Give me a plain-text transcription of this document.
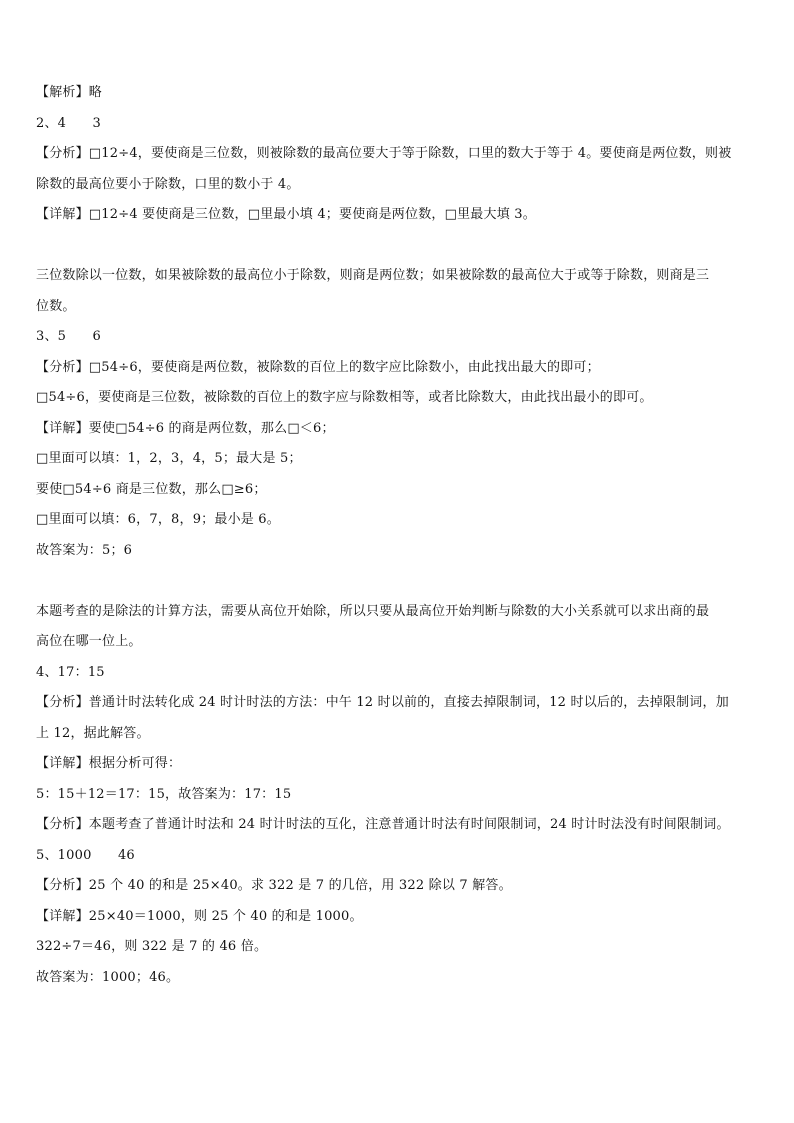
【解析】略
2、4　　3
【分析】□12÷4，要使商是三位数，则被除数的最高位要大于等于除数，口里的数大于等于 4。要使商是两位数，则被
除数的最高位要小于除数，口里的数小于 4。
【详解】□12÷4 要使商是三位数，□里最小填 4；要使商是两位数，□里最大填 3。
三位数除以一位数，如果被除数的最高位小于除数，则商是两位数；如果被除数的最高位大于或等于除数，则商是三
位数。
3、5　　6
【分析】□54÷6，要使商是两位数，被除数的百位上的数字应比除数小，由此找出最大的即可；
□54÷6，要使商是三位数，被除数的百位上的数字应与除数相等，或者比除数大，由此找出最小的即可。
【详解】要使□54÷6 的商是两位数，那么□＜6；
□里面可以填：1，2，3，4，5；最大是 5；
要使□54÷6 商是三位数，那么□≥6；
□里面可以填：6，7，8，9；最小是 6。
故答案为：5；6
本题考查的是除法的计算方法，需要从高位开始除，所以只要从最高位开始判断与除数的大小关系就可以求出商的最
高位在哪一位上。
4、17：15
【分析】普通计时法转化成 24 时计时法的方法：中午 12 时以前的，直接去掉限制词，12 时以后的，去掉限制词，加
上 12，据此解答。
【详解】根据分析可得：
5：15＋12＝17：15，故答案为：17：15
【分析】本题考查了普通计时法和 24 时计时法的互化，注意普通计时法有时间限制词，24 时计时法没有时间限制词。
5、1000　　46
【分析】25 个 40 的和是 25×40。求 322 是 7 的几倍，用 322 除以 7 解答。
【详解】25×40＝1000，则 25 个 40 的和是 1000。
322÷7＝46，则 322 是 7 的 46 倍。
故答案为：1000；46。
